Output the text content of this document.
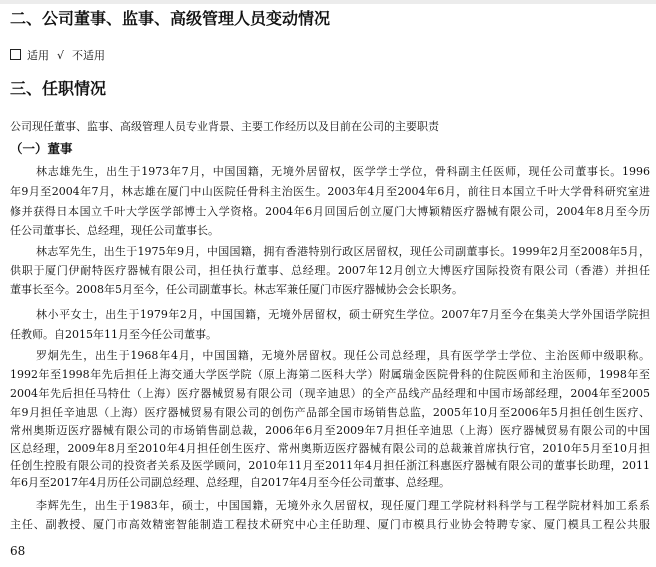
二、公司董事、监事、高级管理人员变动情况
适用 √ 不适用
三、任职情况
公司现任董事、监事、高级管理人员专业背景、主要工作经历以及目前在公司的主要职责
（一）董事
林志雄先生，出生于1973年7月，中国国籍，无境外居留权，医学学士学位，骨科副主任医师，现任公司董事长。1996
年9月至2004年7月，林志雄在厦门中山医院任骨科主治医生。2003年4月至2004年6月，前往日本国立千叶大学骨科研究室进
修并获得日本国立千叶大学医学部博士入学资格。2004年6月回国后创立厦门大博颖精医疗器械有限公司，2004年8月至今历
任公司董事长、总经理，现任公司董事长。
林志军先生，出生于1975年9月，中国国籍，拥有香港特别行政区居留权，现任公司副董事长。1999年2月至2008年5月，
供职于厦门伊耐特医疗器械有限公司，担任执行董事、总经理。2007年12月创立大博医疗国际投资有限公司（香港）并担任
董事长至今。2008年5月至今，任公司副董事长。林志军兼任厦门市医疗器械协会会长职务。
林小平女士，出生于1979年2月，中国国籍，无境外居留权，硕士研究生学位。2007年7月至今在集美大学外国语学院担
任教师。自2015年11月至今任公司董事。
罗炯先生，出生于1968年4月，中国国籍，无境外居留权。现任公司总经理，具有医学学士学位、主治医师中级职称。
1992年至1998年先后担任上海交通大学医学院（原上海第二医科大学）附属瑞金医院骨科的住院医师和主治医师，1998年至
2004年先后担任马特仕（上海）医疗器械贸易有限公司（现辛迪思）的全产品线产品经理和中国市场部经理，2004年至2005
年9月担任辛迪思（上海）医疗器械贸易有限公司的创伤产品部全国市场销售总监，2005年10月至2006年5月担任创生医疗、
常州奥斯迈医疗器械有限公司的市场销售副总裁，2006年6月至2009年7月担任辛迪思（上海）医疗器械贸易有限公司的中国
区总经理，2009年8月至2010年4月担任创生医疗、常州奥斯迈医疗器械有限公司的总裁兼首席执行官，2010年5月至10月担
任创生控股有限公司的投资者关系及医学顾问，2010年11月至2011年4月担任浙江科惠医疗器械有限公司的董事长助理，2011
年6月至2017年4月历任公司副总经理、总经理，自2017年4月至今任公司董事、总经理。
李辉先生，出生于1983年，硕士，中国国籍，无境外永久居留权，现任厦门理工学院材料科学与工程学院材料加工系系
主任、副教授、厦门市高效精密智能制造工程技术研究中心主任助理、厦门市模具行业协会特聘专家、厦门模具工程公共服
68
